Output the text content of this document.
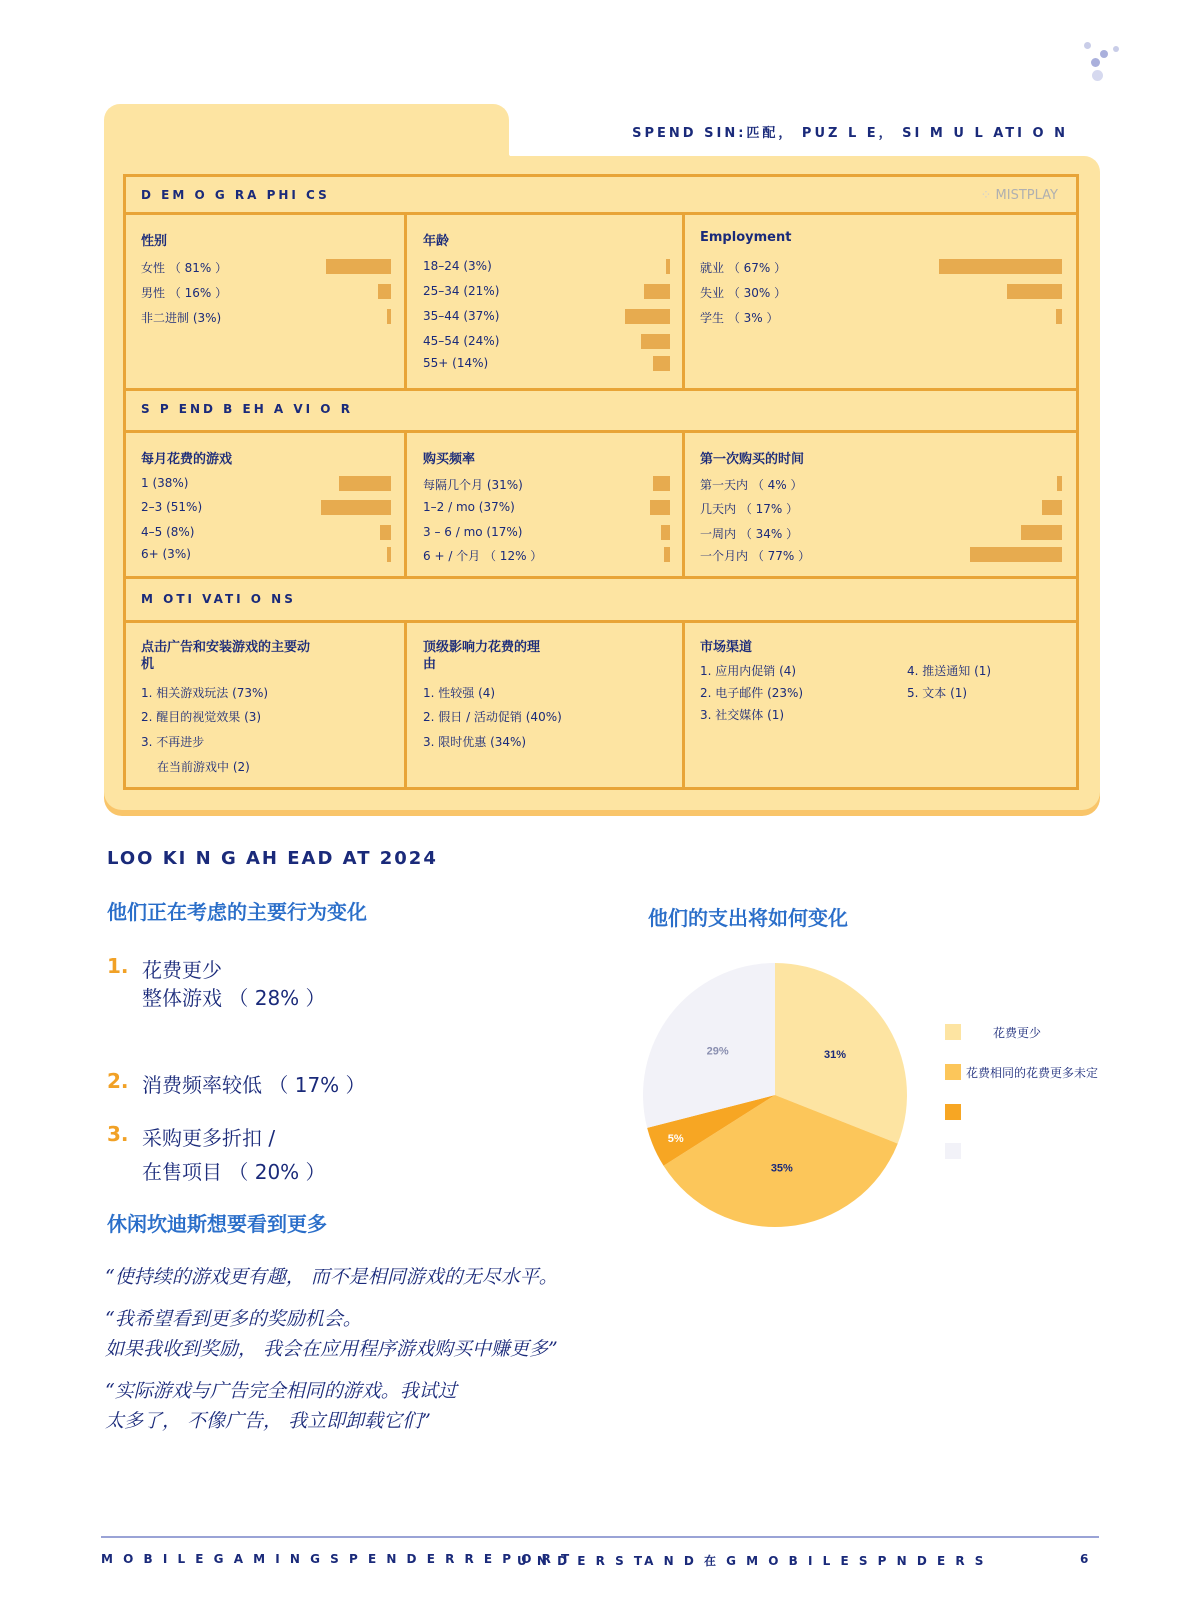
SPEND SIN:匹配， PUZ L E， SI M U L ATI O N
D EM O G RA PHI CS	⁘ MISTPLAY
S P END B EH A VI O R
M OTI VATI O NS
性别
女性 （ 81% ）
男性 （ 16% ）
非二进制 (3%)
年龄
18–24 (3%)
25–34 (21%)
35–44 (37%)
45–54 (24%)
55+ (14%)
Employment
就业 （ 67% ）
失业 （ 30% ）
学生 （ 3% ）
每月花费的游戏
1 (38%)
2–3 (51%)
4–5 (8%)
6+ (3%)
购买频率
每隔几个月 (31%)
1–2 / mo (37%)
3 – 6 / mo (17%)
6 + / 个月 （ 12% ）
第一次购买的时间
第一天内 （ 4% ）
几天内 （ 17% ）
一周内 （ 34% ）
一个月内 （ 77% ）
点击广告和安装游戏的主要动
机
1. 相关游戏玩法 (73%)
2. 醒目的视觉效果 (3)
3. 不再进步
在当前游戏中 (2)
顶级影响力花费的理
由
1. 性较强 (4)
2. 假日 / 活动促销 (40%)
3. 限时优惠 (34%)
市场渠道
1. 应用内促销 (4)
2. 电子邮件 (23%)
3. 社交媒体 (1)
4. 推送通知 (1)
5. 文本 (1)
LOO KI N G AH EAD AT 2024
他们正在考虑的主要行为变化
1. 花费更少
整体游戏 （ 28% ）
2. 消费频率较低 （ 17% ）
3. 采购更多折扣 /
在售项目 （ 20% ）
休闲坎迪斯想要看到更多
“使持续的游戏更有趣， 而不是相同游戏的无尽水平。
“我希望看到更多的奖励机会。
如果我收到奖励， 我会在应用程序游戏购买中赚更多”
“实际游戏与广告完全相同的游戏。我试过
太多了， 不像广告， 我立即卸载它们”
他们的支出将如何变化
31%
35%
5%
29%
花费更少
花费相同的花费更多未定
M O B I L E G A M I N G S P E N D E R R E P O R T
U N D E R S TA N D 在 G M O B I L E S P N D E R S	6
